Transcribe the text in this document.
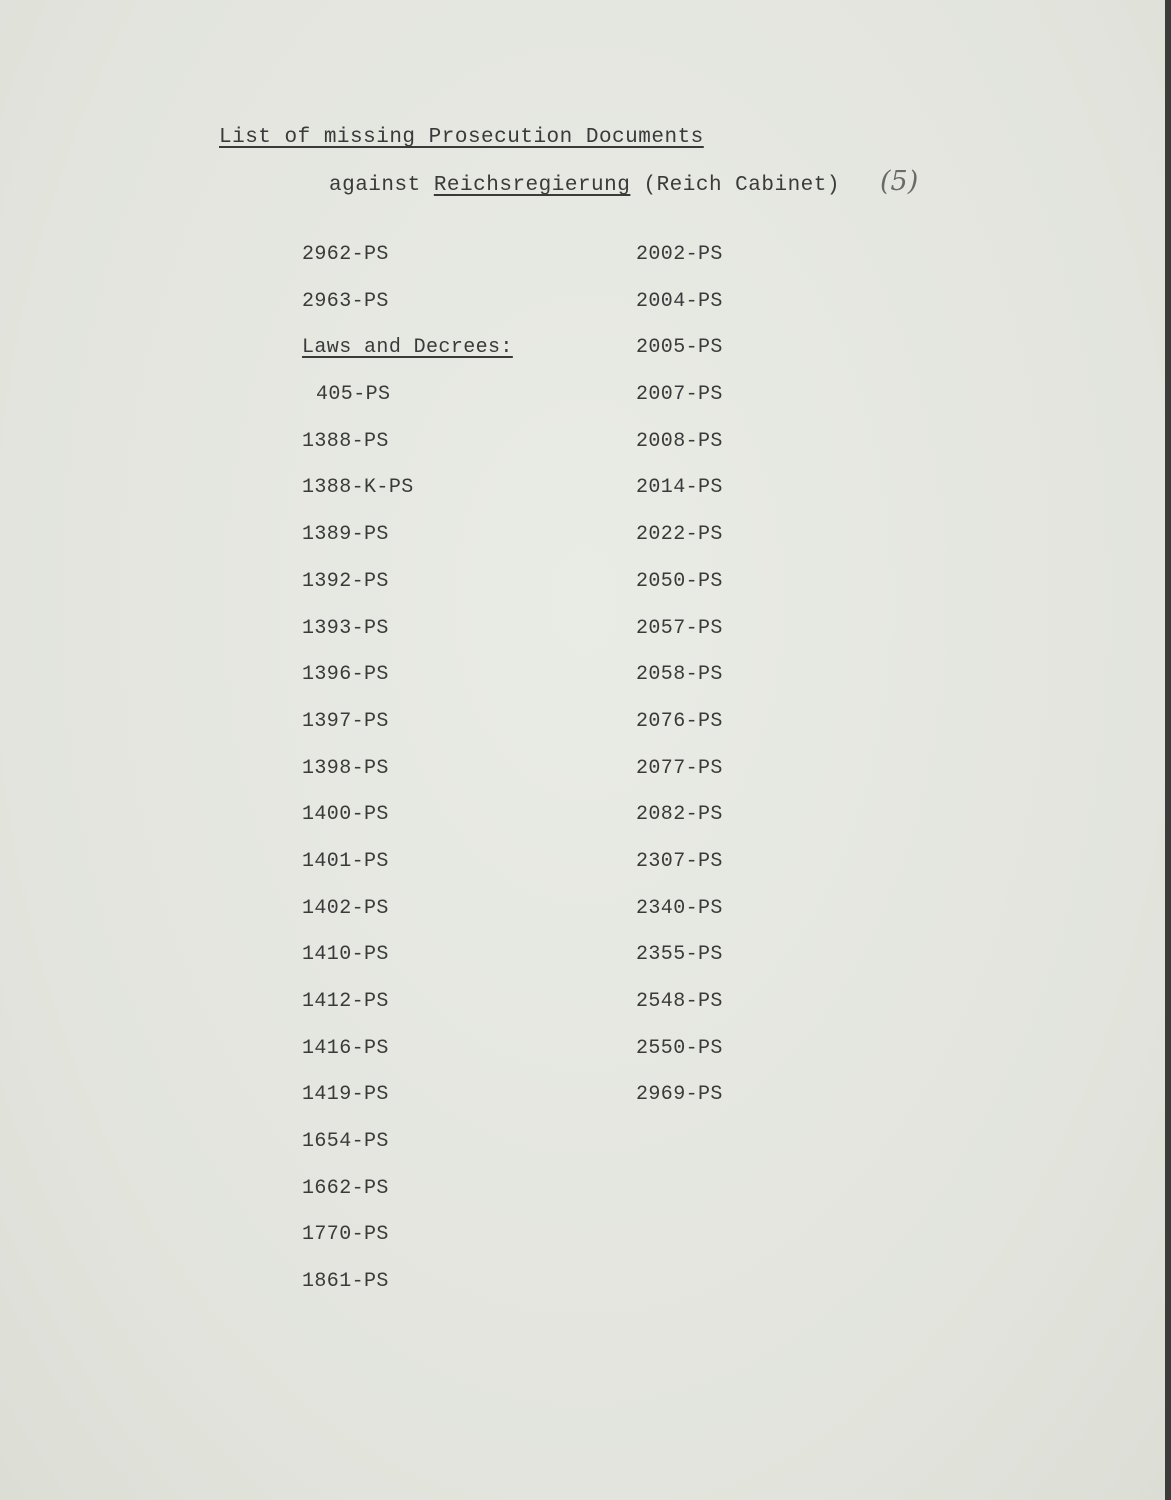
List of missing Prosecution Documents
against Reichsregierung (Reich Cabinet) (5)
2962-PS
2963-PS
Laws and Decrees:
405-PS
1388-PS
1388-K-PS
1389-PS
1392-PS
1393-PS
1396-PS
1397-PS
1398-PS
1400-PS
1401-PS
1402-PS
1410-PS
1412-PS
1416-PS
1419-PS
1654-PS
1662-PS
1770-PS
1861-PS
2002-PS
2004-PS
2005-PS
2007-PS
2008-PS
2014-PS
2022-PS
2050-PS
2057-PS
2058-PS
2076-PS
2077-PS
2082-PS
2307-PS
2340-PS
2355-PS
2548-PS
2550-PS
2969-PS
